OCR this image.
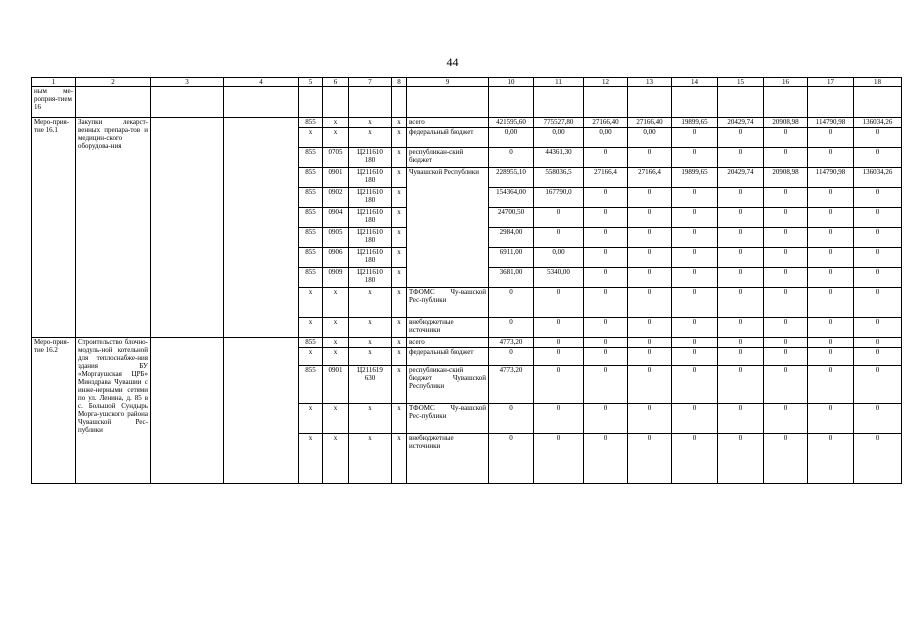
44
1	2	3	4	5	6	7	8	9	10	11	12	13	14	15	16	17	18
ным ме-роприя-тием 16																	
Меро-прия-тие 16.1	Закупки лекарст-венных препара-тов и медицин-ского оборудова-ния			855	x	x	x	всего	421595,60	775527,80	27166,40	27166,40	19899,65	20429,74	20908,98	114790,98	136034,26
				x	x	x	x	федеральный бюджет	0,00	0,00	0,00	0,00	0	0	0	0	0
				855	0705	Ц211610 180	x	республикан-ский бюджет	0	44361,30	0	0	0	0	0	0	0
				855	0901	Ц211610 180	x	Чувашской Республики	228955,10	558036,5	27166,4	27166,4	19899,65	20429,74	20908,98	114790,98	136034,26
				855	0902	Ц211610 180	x		154364,00	167790,0	0	0	0	0	0	0	0
				855	0904	Ц211610 180	x		24700,50	0	0	0	0	0	0	0	0
				855	0905	Ц211610 180	x		2984,00	0	0	0	0	0	0	0	0
				855	0906	Ц211610 180	x		6911,00	0,00	0	0	0	0	0	0	0
				855	0909	Ц211610 180	x		3681,00	5340,00	0	0	0	0	0	0	0
				x	x	x	x	ТФОМС Чу-вашской Рес-публики	0	0	0	0	0	0	0	0	0
				x	x	x	x	внебюджетные источники	0	0	0	0	0	0	0	0	0
Меро-прия-тие 16.2	Строительство блочно-модуль-ной котельной для теплоснабже-ния здания БУ «Моргаушская ЦРБ» Минздрава Чувашии с инже-нерными сетями по ул. Ленина, д. 85 в с. Большой Сундырь Морга-ушского района Чувашской Рес-публики			855	x	x	x	всего	4773,20	0	0	0	0	0	0	0	0
				x	x	x	x	федеральный бюджет	0	0	0	0	0	0	0	0	0
				855	0901	Ц211619 630	x	республикан-ский бюджет Чувашской Республики	4773,20	0	0	0	0	0	0	0	0
				x	x	x	x	ТФОМС Чу-вашской Рес-публики	0	0	0	0	0	0	0	0	0
				x	x	x	x	внебюджетные источники	0	0	0	0	0	0	0	0	0
